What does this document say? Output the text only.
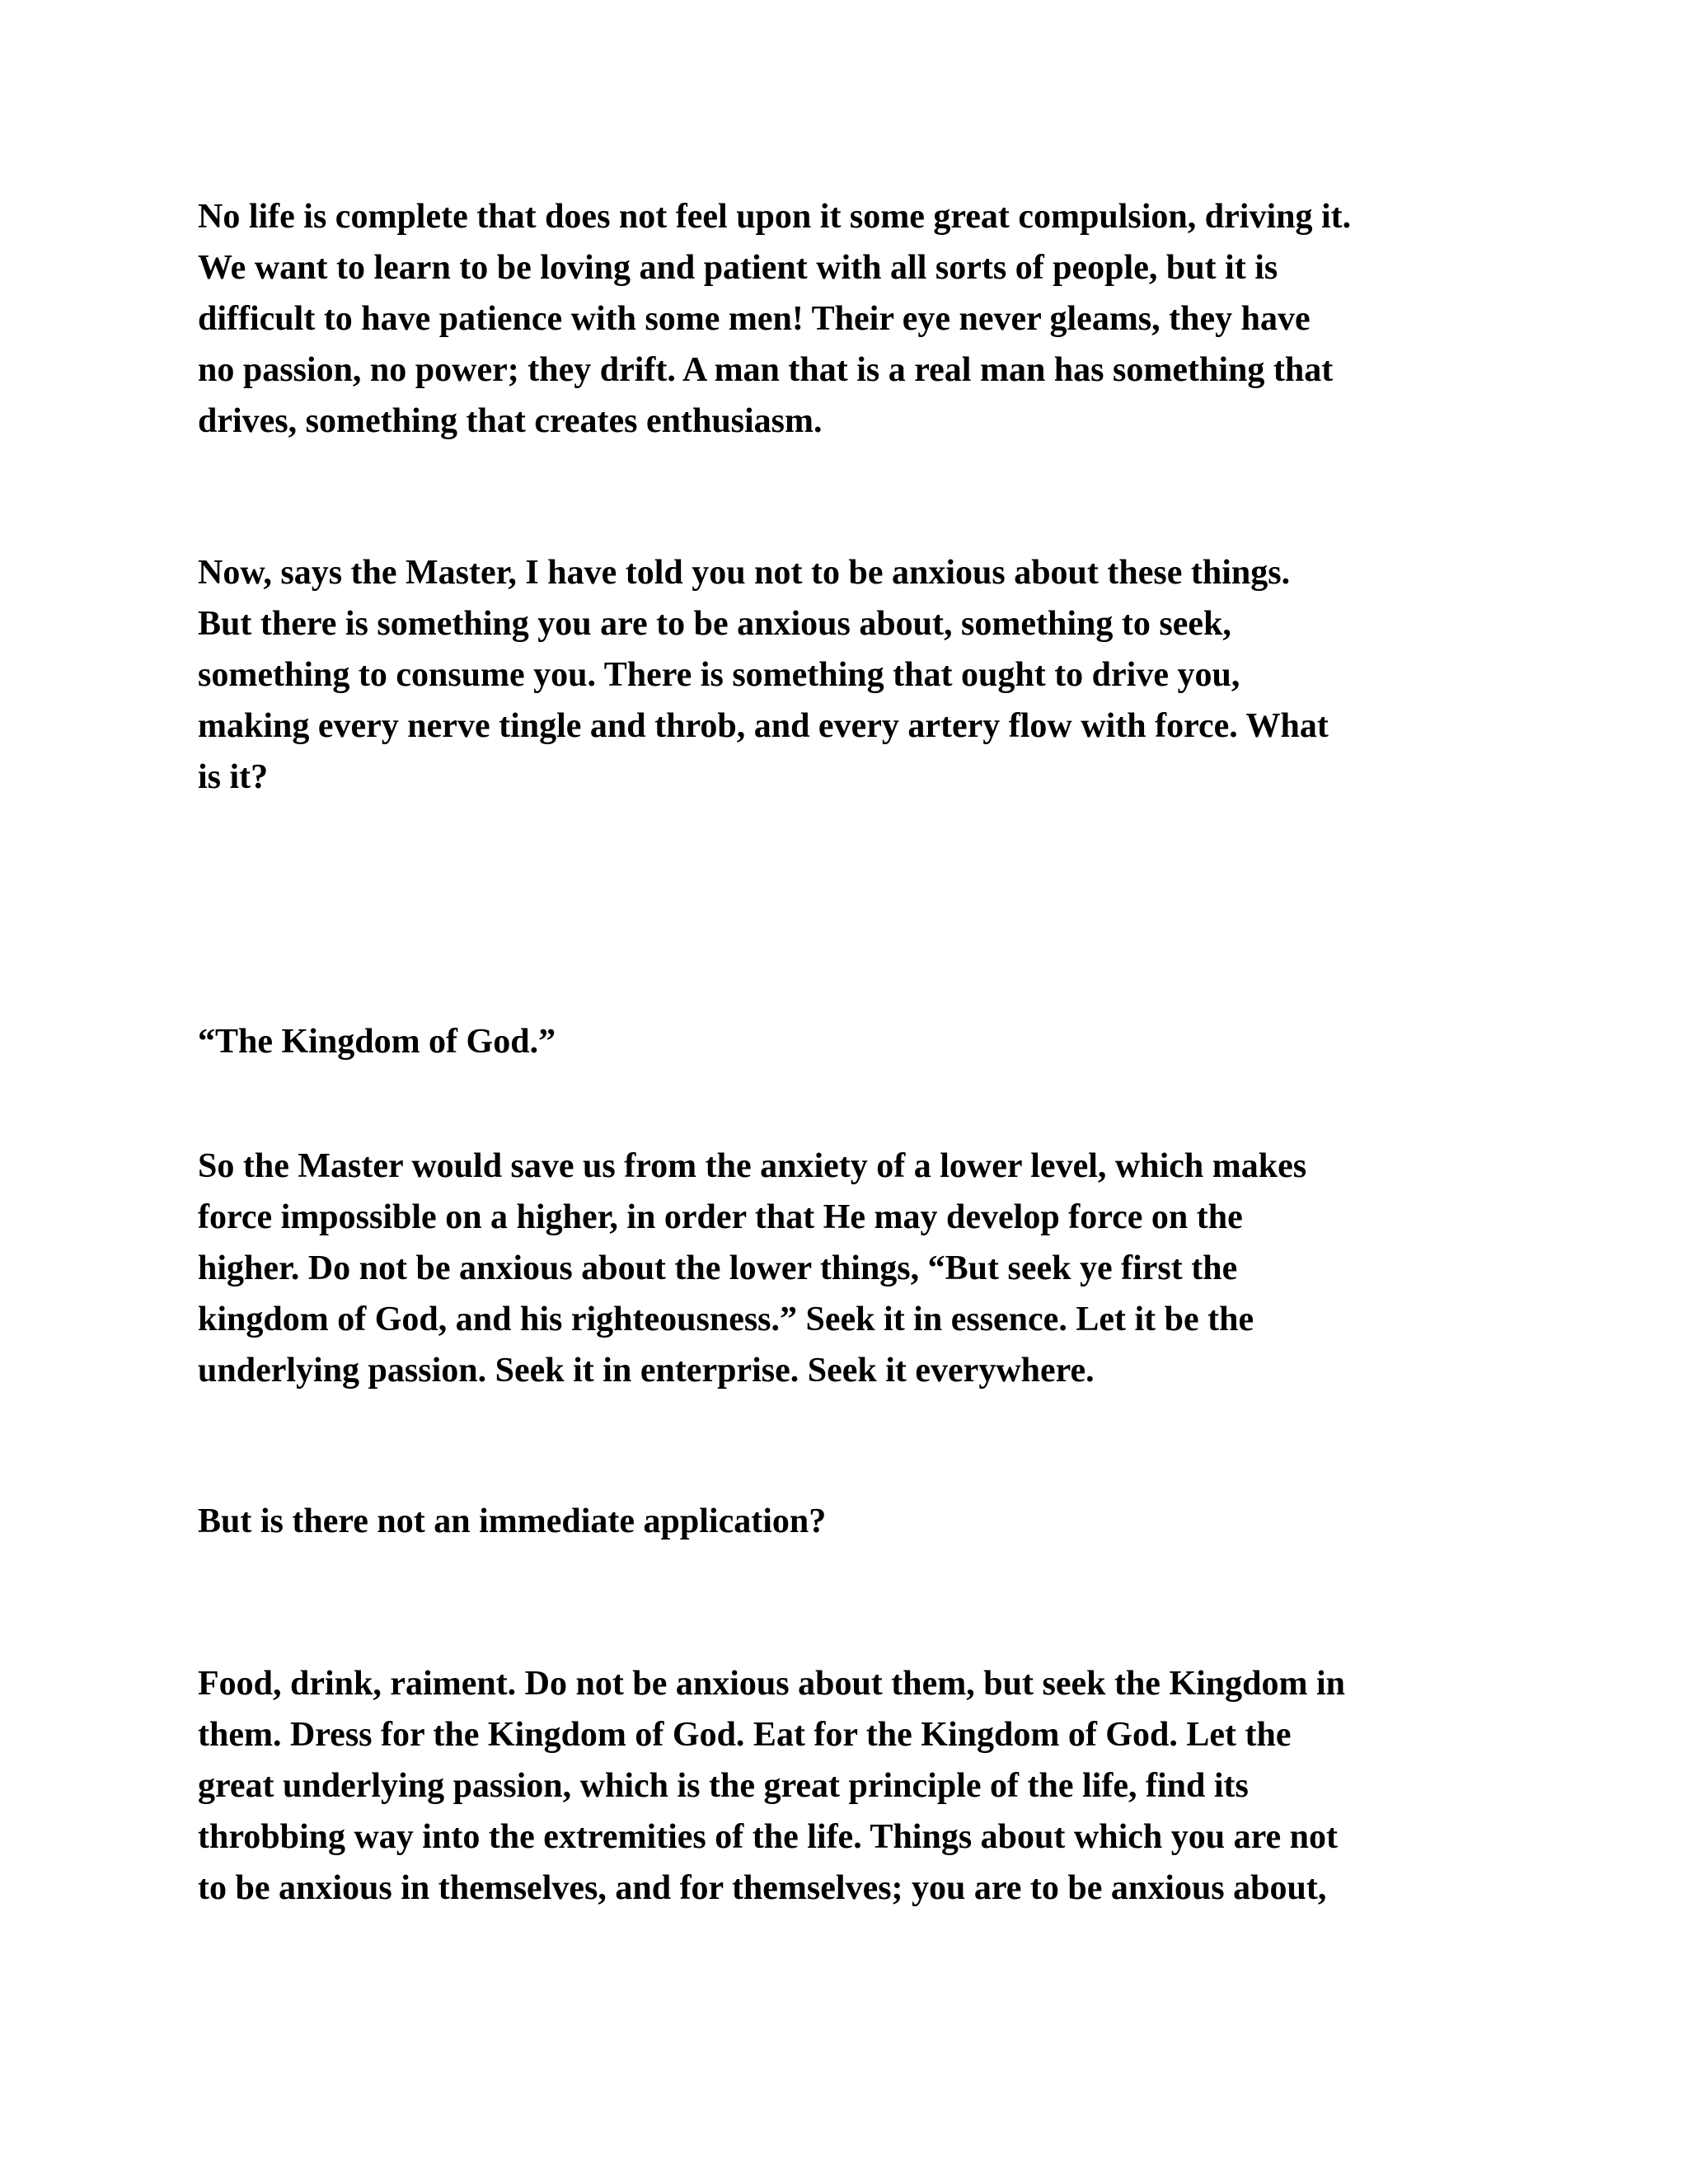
No life is complete that does not feel upon it some great compulsion, driving it.
We want to learn to be loving and patient with all sorts of people, but it is
difficult to have patience with some men! Their eye never gleams, they have
no passion, no power; they drift. A man that is a real man has something that
drives, something that creates enthusiasm.

Now, says the Master, I have told you not to be anxious about these things.
But there is something you are to be anxious about, something to seek,
something to consume you. There is something that ought to drive you,
making every nerve tingle and throb, and every artery flow with force. What
is it?

“The Kingdom of God.”

So the Master would save us from the anxiety of a lower level, which makes
force impossible on a higher, in order that He may develop force on the
higher. Do not be anxious about the lower things, “But seek ye first the
kingdom of God, and his righteousness.” Seek it in essence. Let it be the
underlying passion. Seek it in enterprise. Seek it everywhere.

But is there not an immediate application?

Food, drink, raiment. Do not be anxious about them, but seek the Kingdom in
them. Dress for the Kingdom of God. Eat for the Kingdom of God. Let the
great underlying passion, which is the great principle of the life, find its
throbbing way into the extremities of the life. Things about which you are not
to be anxious in themselves, and for themselves; you are to be anxious about,
